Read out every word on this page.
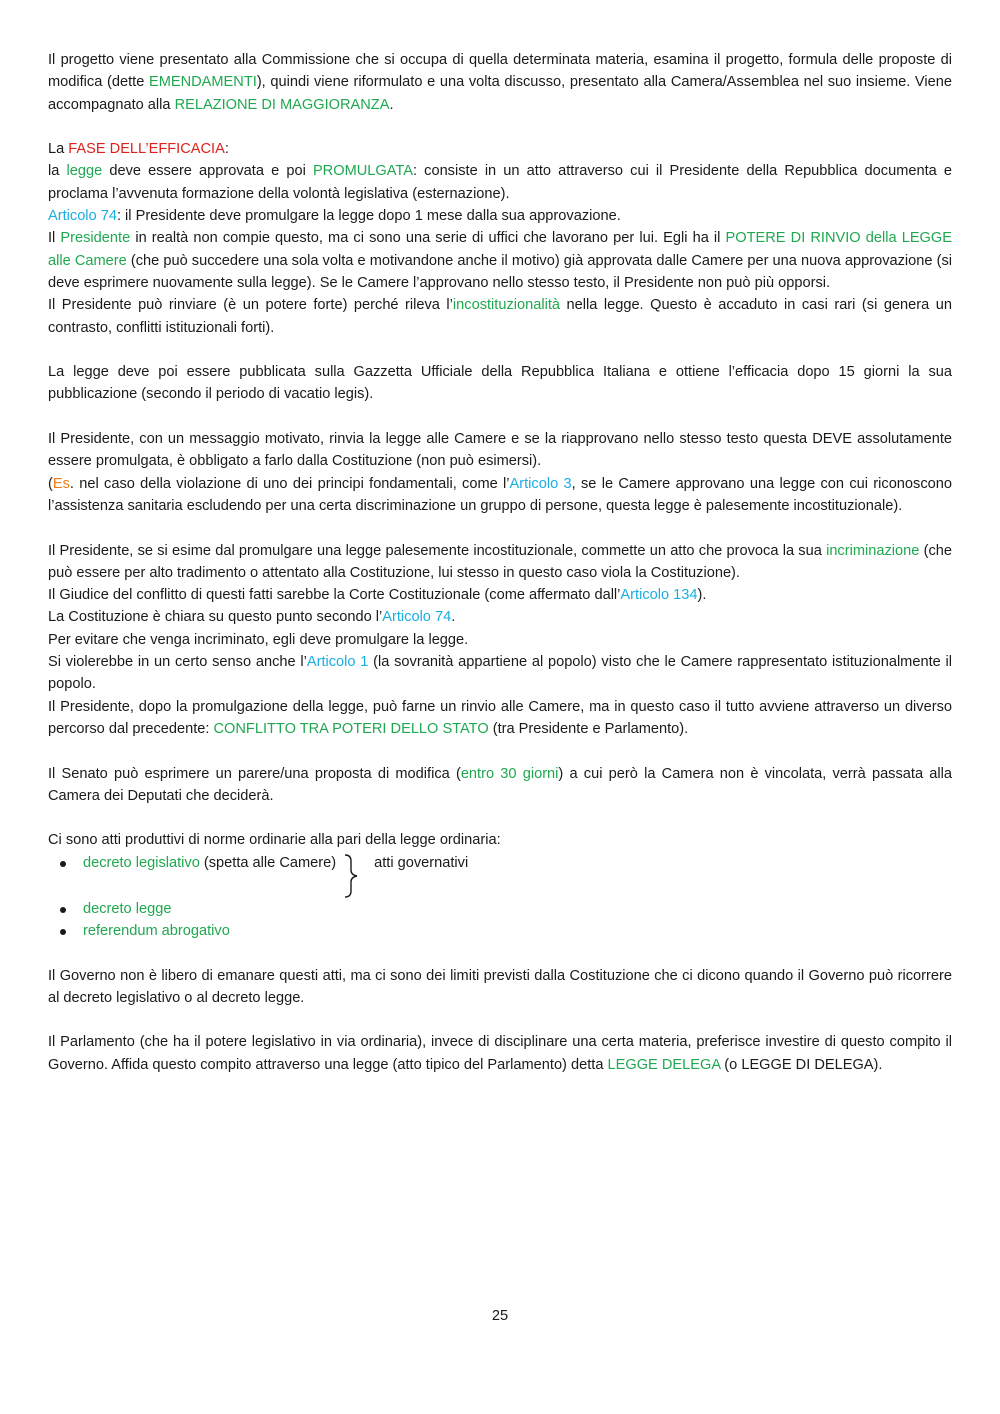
Il progetto viene presentato alla Commissione che si occupa di quella determinata materia, esamina il progetto, formula delle proposte di modifica (dette EMENDAMENTI), quindi viene riformulato e una volta discusso, presentato alla Camera/Assemblea nel suo insieme. Viene accompagnato alla RELAZIONE DI MAGGIORANZA.

La FASE DELL’EFFICACIA:

la legge deve essere approvata e poi PROMULGATA: consiste in un atto attraverso cui il Presidente della Repubblica documenta e proclama l’avvenuta formazione della volontà legislativa (esternazione).

Articolo 74: il Presidente deve promulgare la legge dopo 1 mese dalla sua approvazione.

Il Presidente in realtà non compie questo, ma ci sono una serie di uffici che lavorano per lui. Egli ha il POTERE DI RINVIO della LEGGE alle Camere (che può succedere una sola volta e motivandone anche il motivo) già approvata dalle Camere per una nuova approvazione (si deve esprimere nuovamente sulla legge). Se le Camere l’approvano nello stesso testo, il Presidente non può più opporsi.

Il Presidente può rinviare (è un potere forte) perché rileva l’incostituzionalità nella legge. Questo è accaduto in casi rari (si genera un contrasto, conflitti istituzionali forti).

La legge deve poi essere pubblicata sulla Gazzetta Ufficiale della Repubblica Italiana e ottiene l’efficacia dopo 15 giorni la sua pubblicazione (secondo il periodo di vacatio legis).

Il Presidente, con un messaggio motivato, rinvia la legge alle Camere e se la riapprovano nello stesso testo questa DEVE assolutamente essere promulgata, è obbligato a farlo dalla Costituzione (non può esimersi).

(Es. nel caso della violazione di uno dei principi fondamentali, come l’Articolo 3, se le Camere approvano una legge con cui riconoscono l’assistenza sanitaria escludendo per una certa discriminazione un gruppo di persone, questa legge è palesemente incostituzionale).

Il Presidente, se si esime dal promulgare una legge palesemente incostituzionale, commette un atto che provoca la sua incriminazione (che può essere per alto tradimento o attentato alla Costituzione, lui stesso in questo caso viola la Costituzione).

Il Giudice del conflitto di questi fatti sarebbe la Corte Costituzionale (come affermato dall’Articolo 134).

La Costituzione è chiara su questo punto secondo l’Articolo 74.

Per evitare che venga incriminato, egli deve promulgare la legge.

Si violerebbe in un certo senso anche l’Articolo 1 (la sovranità appartiene al popolo) visto che le Camere rappresentato istituzionalmente il popolo.

Il Presidente, dopo la promulgazione della legge, può farne un rinvio alle Camere, ma in questo caso il tutto avviene attraverso un diverso percorso dal precedente: CONFLITTO TRA POTERI DELLO STATO (tra Presidente e Parlamento).

Il Senato può esprimere un parere/una proposta di modifica (entro 30 giorni) a cui però la Camera non è vincolata, verrà passata alla Camera dei Deputati che deciderà.

Ci sono atti produttivi di norme ordinarie alla pari della legge ordinaria:

decreto legislativo (spetta alle Camere)	atti governativi
decreto legge
referendum abrogativo

Il Governo non è libero di emanare questi atti, ma ci sono dei limiti previsti dalla Costituzione che ci dicono quando il Governo può ricorrere al decreto legislativo o al decreto legge.

Il Parlamento (che ha il potere legislativo in via ordinaria), invece di disciplinare una certa materia, preferisce investire di questo compito il Governo. Affida questo compito attraverso una legge (atto tipico del Parlamento) detta LEGGE DELEGA (o LEGGE DI DELEGA).

25
